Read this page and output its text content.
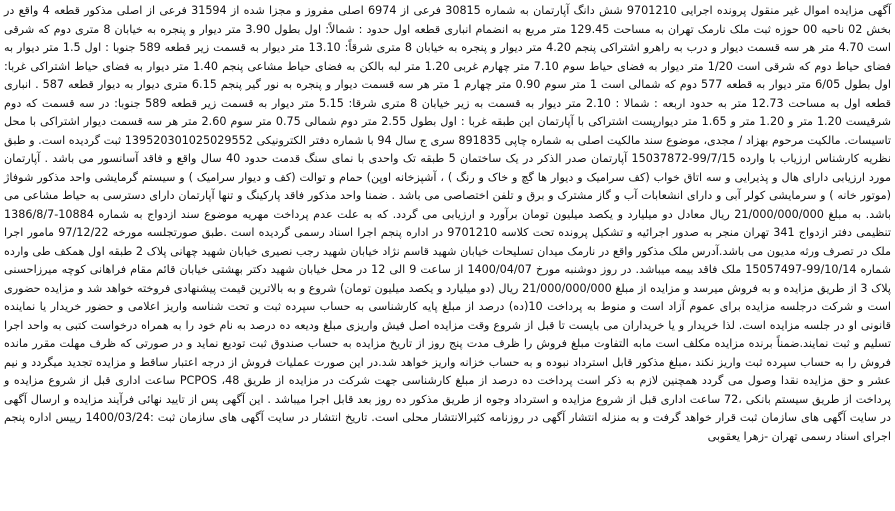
آگهی مزایده اموال غیر منقول پرونده اجرایی 9701210 شش دانگ آپارتمان به شماره 30815 فرعی از 6974 اصلی مفروز و مجزا شده از 31594 فرعی از اصلی مذکور قطعه 4 واقع در بخش 02 ناحیه 00 حوزه ثبت ملک نارمک تهران به مساحت 129.45 متر مربع به انضمام انباری قطعه اول حدود : شمالاً: اول بطول 3.90 متر دیوار و پنجره به خیابان 8 متری دوم که شرقی است 4.70 متر هر سه قسمت دیوار و درب به راهرو اشتراکی پنجم 4.20 متر دیوار و پنجره به خیابان 8 متری شرقاً: 13.10 متر دیوار به قسمت زیر قطعه 589 جنوبا : اول 1.5 متر دیوار به فضای حیاط دوم که شرقی است 1/20 متر دیوار به فضای حیاط سوم 7.10 متر چهارم غربی 1.20 متر لبه بالکن به فضای حیاط مشاعی پنجم 1.40 متر دیوار به فضای حیاط اشتراکی غربا: اول بطول 6/05 متر دیوار به قطعه 577 دوم که شمالی است 1 متر سوم 0.90 متر چهارم 1 متر هر سه قسمت دیوار و پنجره به نور گیر پنجم 6.15 متری دیوار به دیوار قطعه 587 . انباری قطعه اول به مساحت 12.73 متر به حدود اربعه : شمالا : 2.10 متر دیوار به قسمت به زیر خیابان 8 متری شرقا: 5.15 متر دیوار به قسمت زیر قطعه 589 جنوبا: در سه قسمت که دوم شرقیست 1.20 متر و 1.20 متر و 1.65 متر دیوارپست اشتراکی با آپارتمان این طبقه غربا : اول بطول 2.55 متر دوم شمالی 0.75 متر سوم 2.60 متر هر سه قسمت دیوار اشتراکی با محل تاسیسات. مالکیت مرحوم بهزاد / مجدی، موضوع سند مالکیت اصلی به شماره چاپی 891835 سری ج سال 94 با شماره دفتر الکترونیکی 139520301025029552 ثبت گردیده است. و طبق نظریه کارشناس ارزیاب با وارده 99/7/15-15037872 آپارتمان صدر الذکر در یک ساختمان 5 طبقه تک واحدی با نمای سنگ قدمت حدود 40 سال واقع و فاقد آسانسور می باشد . آپارتمان مورد ارزیابی دارای هال و پذیرایی و سه اتاق خواب (کف سرامیک و دیوار ها گچ و خاک و رنگ ) ، آشپزخانه اوپن) حمام و توالت (کف و دیوار سرامیک ) و سیستم گرمایشی واحد مذکور شوفاژ (موتور خانه ) و سرمایشی کولر آبی و دارای انشعابات آب و گاز مشترک و برق و تلفن اختصاصی می باشد . ضمنا واحد مذکور فاقد پارکینگ و تنها آپارتمان دارای دسترسی به حیاط مشاعی می باشد. به مبلغ 21/000/000/000 ریال معادل دو میلیارد و یکصد میلیون تومان برآورد و ارزیابی می گردد. که به علت عدم پرداخت مهریه موضوع سند ازدواج به شماره 10884-1386/8/7 تنظیمی دفتر ازدواج 341 تهران منجر به صدور اجرائیه و تشکیل پرونده تحت کلاسه 9701210 در اداره پنجم اجرا اسناد رسمی گردیده است .طبق صورتجلسه مورخه 97/12/22 مامور اجرا ملک در تصرف ورثه مدیون می باشد.آدرس ملک مذکور واقع در نارمک میدان تسلیحات خیابان شهید قاسم نژاد خیابان شهید رجب نصیری خیابان شهید چهانی پلاک 2 طبقه اول همکف طی وارده شماره 99/10/14-15057497 ملک فاقد بیمه میباشد. در روز دوشنبه مورخ 1400/04/07 از ساعت 9 الی 12 در محل خیابان شهید دکتر بهشتی خیابان قائم مقام فراهانی کوچه میرزاحسنی پلاک 3 از طریق مزایده و به فروش میرسد و مزایده از مبلغ 21/000/000/000 ریال (دو میلیارد و یکصد میلیون تومان) شروع و به بالاترین قیمت پیشنهادی فروخته خواهد شد و مزایده حضوری است و شرکت درجلسه مزایده برای عموم آزاد است و منوط به پرداخت 10(ده) درصد از مبلغ پایه کارشناسی به حساب سپرده ثبت و تحت شناسه واریز اعلامی و حضور خریدار یا نماینده قانونی او در جلسه مزایده است. لذا خریدار و یا خریداران می بایست تا قبل از شروع وقت مزایده اصل فیش واریزی مبلغ ودیعه ده درصد به نام خود را به همراه درخواست کتبی به واحد اجرا تسلیم و ثبت نمایند.ضمناً برنده مزایده مکلف است مابه التفاوت مبلغ فروش را ظرف مدت پنج روز از تاریخ مزایده به حساب صندوق ثبت تودیع نماید و در صورتی که ظرف مهلت مقرر مانده فروش را به حساب سپرده ثبت واریز نکند ،مبلغ مذکور قابل استرداد نبوده و به حساب خزانه واریز خواهد شد.در این صورت عملیات فروش از درجه اعتبار ساقط و مزایده تجدید میگردد و نیم عشر و حق مزایده نقدا وصول می گردد همچنین لازم به ذکر است پرداخت ده درصد از مبلغ کارشناسی جهت شرکت در مزایده از طریق 48، PCPOS ساعت اداری قبل از شروع مزایده و پرداخت از طریق سیستم بانکی ،72 ساعت اداری قبل از شروع مزایده و استرداد وجوه از طریق مذکور ده روز بعد قابل اجرا میباشد . این آگهی پس از تایید نهائی فرآیند مزایده و ارسال آگهی در سایت آگهی های سازمان ثبت قرار خواهد گرفت و به منزله انتشار آگهی در روزنامه کثیرالانتشار محلی است. تاریخ انتشار در سایت آگهی های سازمان ثبت :1400/03/24 رییس اداره پنجم اجرای اسناد رسمی تهران -زهرا یعقوبی
